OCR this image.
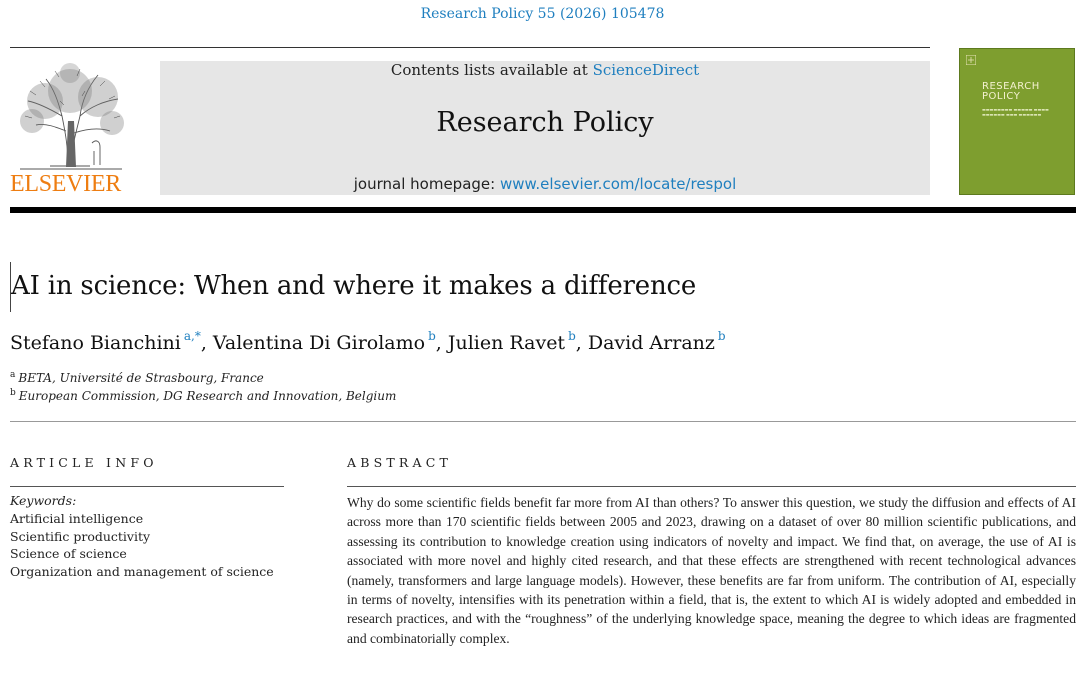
Research Policy 55 (2026) 105478
ELSEVIER
Contents lists available at ScienceDirect
Research Policy
journal homepage: www.elsevier.com/locate/respol
RESEARCH
POLICY
▬▬▬▬▬▬▬▬ ▬▬▬▬▬ ▬▬▬▬ ▬▬▬▬▬▬ ▬▬▬ ▬▬▬▬▬▬
AI in science: When and where it makes a difference
Stefano Bianchini $^{a,*}$, Valentina Di Girolamo $^b$, Julien Ravet $^b$, David Arranz $^b$
$^a$ BETA, Université de Strasbourg, France
$^b$ European Commission, DG Research and Innovation, Belgium
ARTICLE INFO	ABSTRACT
Keywords:
Artificial intelligence
Scientific productivity
Science of science
Organization and management of science

Why do some scientific fields benefit far more from AI than others? To answer this question, we study the diffusion and effects of AI across more than 170 scientific fields between 2005 and 2023, drawing on a dataset of over 80 million scientific publications, and assessing its contribution to knowledge creation using indicators of novelty and impact. We find that, on average, the use of AI is associated with more novel and highly cited research, and that these effects are strengthened with recent technological advances (namely, transformers and large language models). However, these benefits are far from uniform. The contribution of AI, especially in terms of novelty, intensifies with its penetration within a field, that is, the extent to which AI is widely adopted and embedded in research practices, and with the “roughness” of the underlying knowledge space, meaning the degree to which ideas are fragmented and combinatorially complex.
